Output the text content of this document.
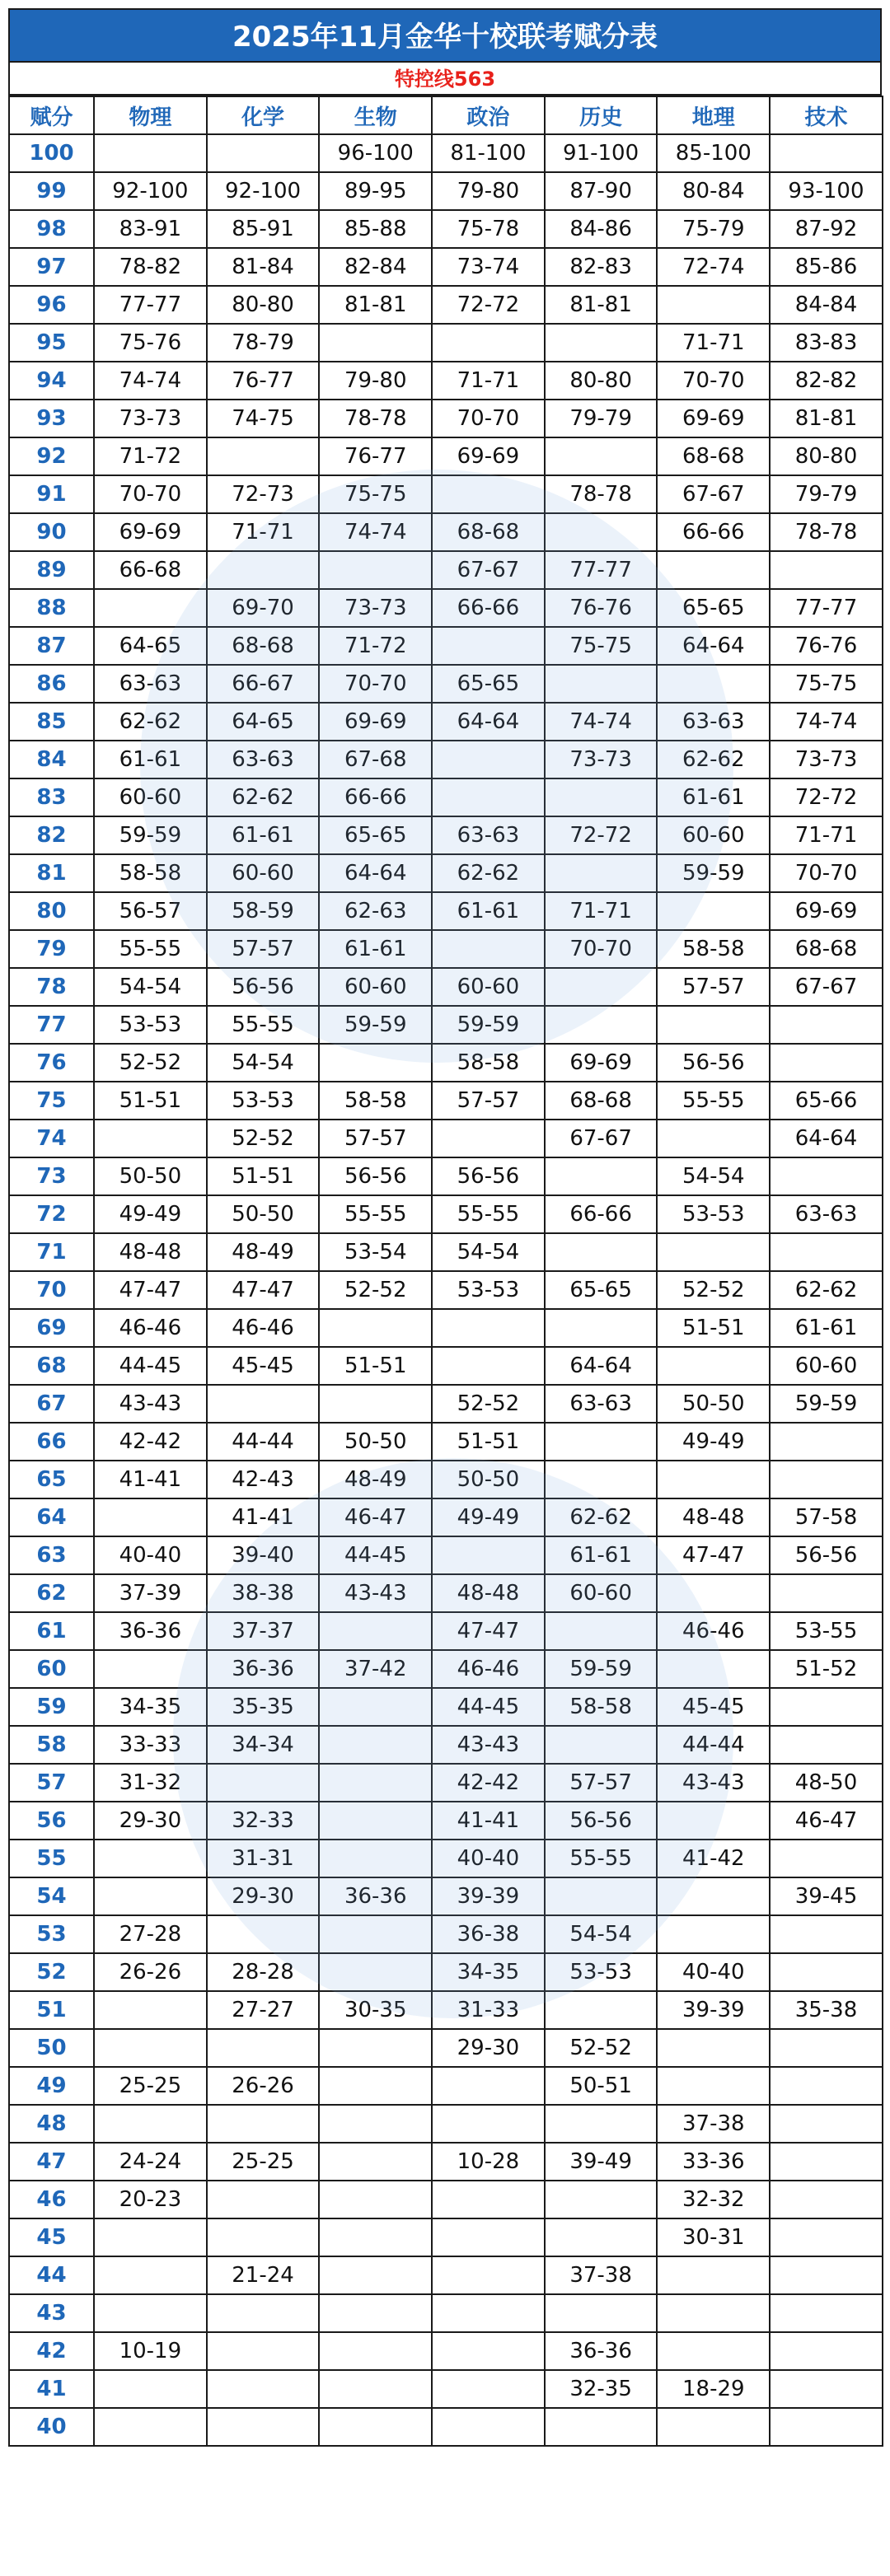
2025年11月金华十校联考赋分表
特控线563
赋分	物理	化学	生物	政治	历史	地理	技术
100			96-100	81-100	91-100	85-100	
99	92-100	92-100	89-95	79-80	87-90	80-84	93-100
98	83-91	85-91	85-88	75-78	84-86	75-79	87-92
97	78-82	81-84	82-84	73-74	82-83	72-74	85-86
96	77-77	80-80	81-81	72-72	81-81		84-84
95	75-76	78-79				71-71	83-83
94	74-74	76-77	79-80	71-71	80-80	70-70	82-82
93	73-73	74-75	78-78	70-70	79-79	69-69	81-81
92	71-72		76-77	69-69		68-68	80-80
91	70-70	72-73	75-75		78-78	67-67	79-79
90	69-69	71-71	74-74	68-68		66-66	78-78
89	66-68			67-67	77-77		
88		69-70	73-73	66-66	76-76	65-65	77-77
87	64-65	68-68	71-72		75-75	64-64	76-76
86	63-63	66-67	70-70	65-65			75-75
85	62-62	64-65	69-69	64-64	74-74	63-63	74-74
84	61-61	63-63	67-68		73-73	62-62	73-73
83	60-60	62-62	66-66			61-61	72-72
82	59-59	61-61	65-65	63-63	72-72	60-60	71-71
81	58-58	60-60	64-64	62-62		59-59	70-70
80	56-57	58-59	62-63	61-61	71-71		69-69
79	55-55	57-57	61-61		70-70	58-58	68-68
78	54-54	56-56	60-60	60-60		57-57	67-67
77	53-53	55-55	59-59	59-59			
76	52-52	54-54		58-58	69-69	56-56	
75	51-51	53-53	58-58	57-57	68-68	55-55	65-66
74		52-52	57-57		67-67		64-64
73	50-50	51-51	56-56	56-56		54-54	
72	49-49	50-50	55-55	55-55	66-66	53-53	63-63
71	48-48	48-49	53-54	54-54			
70	47-47	47-47	52-52	53-53	65-65	52-52	62-62
69	46-46	46-46				51-51	61-61
68	44-45	45-45	51-51		64-64		60-60
67	43-43			52-52	63-63	50-50	59-59
66	42-42	44-44	50-50	51-51		49-49	
65	41-41	42-43	48-49	50-50			
64		41-41	46-47	49-49	62-62	48-48	57-58
63	40-40	39-40	44-45		61-61	47-47	56-56
62	37-39	38-38	43-43	48-48	60-60		
61	36-36	37-37		47-47		46-46	53-55
60		36-36	37-42	46-46	59-59		51-52
59	34-35	35-35		44-45	58-58	45-45	
58	33-33	34-34		43-43		44-44	
57	31-32			42-42	57-57	43-43	48-50
56	29-30	32-33		41-41	56-56		46-47
55		31-31		40-40	55-55	41-42	
54		29-30	36-36	39-39			39-45
53	27-28			36-38	54-54		
52	26-26	28-28		34-35	53-53	40-40	
51		27-27	30-35	31-33		39-39	35-38
50				29-30	52-52		
49	25-25	26-26			50-51		
48						37-38	
47	24-24	25-25		10-28	39-49	33-36	
46	20-23					32-32	
45						30-31	
44		21-24			37-38		
43							
42	10-19				36-36		
41					32-35	18-29	
40							
